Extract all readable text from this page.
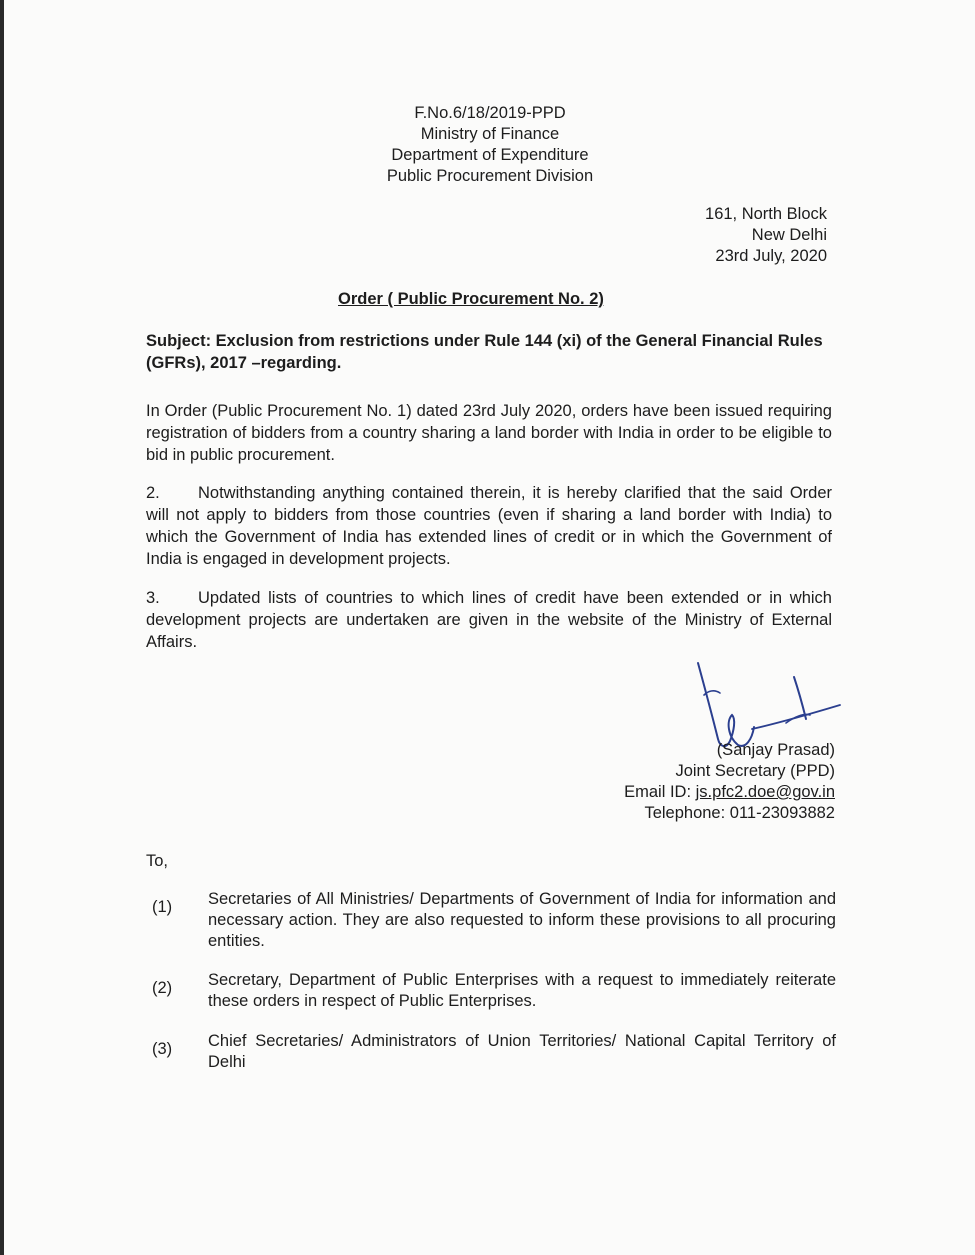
F.No.6/18/2019-PPD
Ministry of Finance
Department of Expenditure
Public Procurement Division
161, North Block
New Delhi
23rd July, 2020
Order ( Public Procurement No. 2)
Subject: Exclusion from restrictions under Rule 144 (xi) of the General Financial Rules (GFRs), 2017 –regarding.
In Order (Public Procurement No. 1) dated 23rd July 2020, orders have been issued requiring registration of bidders from a country sharing a land border with India in order to be eligible to bid in public procurement.
2. Notwithstanding anything contained therein, it is hereby clarified that the said Order will not apply to bidders from those countries (even if sharing a land border with India) to which the Government of India has extended lines of credit or in which the Government of India is engaged in development projects.
3. Updated lists of countries to which lines of credit have been extended or in which development projects are undertaken are given in the website of the Ministry of External Affairs.
(Sanjay Prasad)
Joint Secretary (PPD)
Email ID: js.pfc2.doe@gov.in
Telephone: 011-23093882
To,
(1) Secretaries of All Ministries/ Departments of Government of India for information and necessary action. They are also requested to inform these provisions to all procuring entities.
(2) Secretary, Department of Public Enterprises with a request to immediately reiterate these orders in respect of Public Enterprises.
(3) Chief Secretaries/ Administrators of Union Territories/ National Capital Territory of Delhi
